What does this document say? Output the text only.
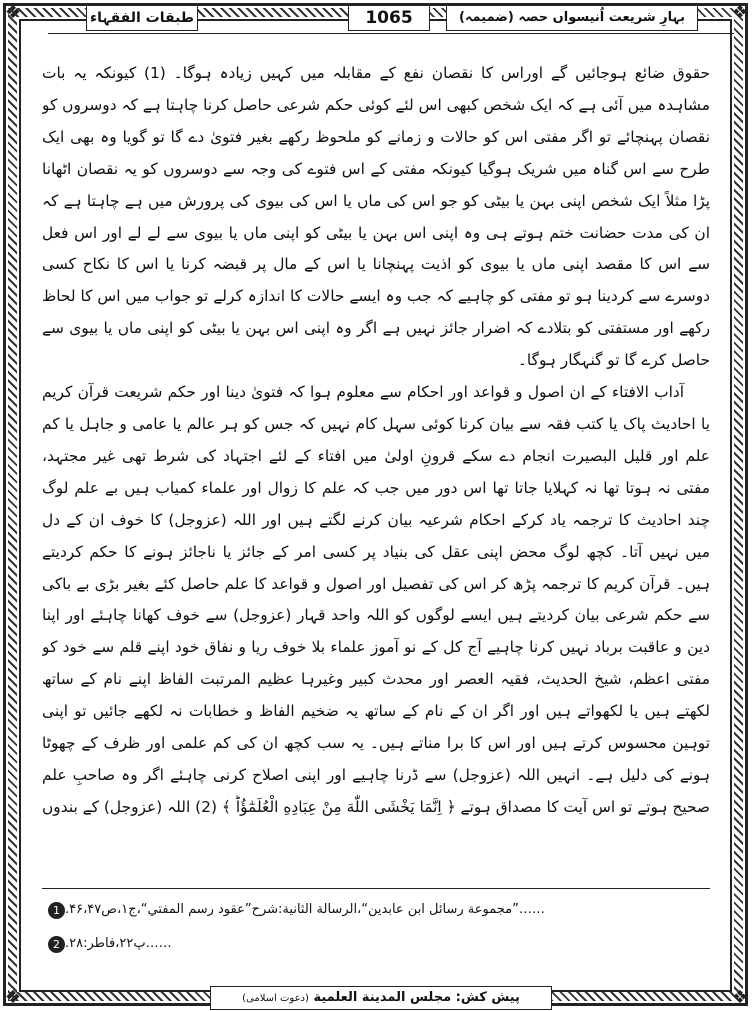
❖	❖
❖	❖
طبقات الفقہاء	1065	بہارِ شریعت اُنیسواں حصہ (ضمیمہ)

حقوق ضائع ہوجائیں گے اوراس کا نقصان نفع کے مقابلہ میں کہیں زیادہ ہوگا۔ (1) کیونکہ یہ بات مشاہدہ میں آئی ہے کہ ایک شخص کبھی اس لئے کوئی حکم شرعی حاصل کرنا چاہتا ہے کہ دوسروں کو نقصان پہنچائے تو اگر مفتی اس کو حالات و زمانے کو ملحوظ رکھے بغیر فتویٰ دے گا تو گویا وہ بھی ایک طرح سے اس گناہ میں شریک ہوگیا کیونکہ مفتی کے اس فتوے کی وجہ سے دوسروں کو یہ نقصان اٹھانا پڑا مثلاً ایک شخص اپنی بہن یا بیٹی کو جو اس کی ماں یا اس کی بیوی کی پرورش میں ہے چاہتا ہے کہ ان کی مدت حضانت ختم ہوتے ہی وہ اپنی اس بہن یا بیٹی کو اپنی ماں یا بیوی سے لے لے اور اس فعل سے اس کا مقصد اپنی ماں یا بیوی کو اذیت پہنچانا یا اس کے مال پر قبضہ کرنا یا اس کا نکاح کسی دوسرے سے کردینا ہو تو مفتی کو چاہیے کہ جب وہ ایسے حالات کا اندازہ کرلے تو جواب میں اس کا لحاظ رکھے اور مستفتی کو بتلادے کہ اضرار جائز نہیں ہے اگر وہ اپنی اس بہن یا بیٹی کو اپنی ماں یا بیوی سے حاصل کرے گا تو گنہگار ہوگا۔

آداب الافتاء کے ان اصول و قواعد اور احکام سے معلوم ہوا کہ فتویٰ دینا اور حکم شریعت قرآن کریم یا احادیث پاک یا کتب فقہ سے بیان کرنا کوئی سہل کام نہیں کہ جس کو ہر عالم یا عامی و جاہل یا کم علم اور قلیل البصیرت انجام دے سکے قرونِ اولیٰ میں افتاء کے لئے اجتہاد کی شرط تھی غیر مجتہد، مفتی نہ ہوتا تھا نہ کہلایا جاتا تھا اس دور میں جب کہ علم کا زوال اور علماء کمیاب ہیں بے علم لوگ چند احادیث کا ترجمہ یاد کرکے احکام شرعیہ بیان کرنے لگتے ہیں اور اللہ (عزوجل) کا خوف ان کے دل میں نہیں آتا۔ کچھ لوگ محض اپنی عقل کی بنیاد پر کسی امر کے جائز یا ناجائز ہونے کا حکم کردیتے ہیں۔ قرآن کریم کا ترجمہ پڑھ کر اس کی تفصیل اور اصول و قواعد کا علم حاصل کئے بغیر بڑی بے باکی سے حکم شرعی بیان کردیتے ہیں ایسے لوگوں کو اللہ واحد قہار (عزوجل) سے خوف کھانا چاہئے اور اپنا دین و عاقبت برباد نہیں کرنا چاہیے آج کل کے نو آموز علماء بلا خوف ریا و نفاق خود اپنے قلم سے خود کو مفتی اعظم، شیخ الحدیث، فقیہ العصر اور محدث کبیر وغیرہا عظیم المرتبت الفاظ اپنے نام کے ساتھ لکھتے ہیں یا لکھواتے ہیں اور اگر ان کے نام کے ساتھ یہ ضخیم الفاظ و خطابات نہ لکھے جائیں تو اپنی توہین محسوس کرتے ہیں اور اس کا برا مناتے ہیں۔ یہ سب کچھ ان کی کم علمی اور ظرف کے چھوٹا ہونے کی دلیل ہے۔ انہیں اللہ (عزوجل) سے ڈرنا چاہیے اور اپنی اصلاح کرنی چاہئے اگر وہ صاحبِ علم صحیح ہوتے تو اس آیت کا مصداق ہوتے ﴿ اِنَّمَا یَخْشَى اللّٰهَ مِنْ عِبَادِهِ الْعُلَمٰٓؤُاؕ ﴾ (2) اللہ (عزوجل) کے بندوں

……”مجموعة رسائل ابن عابدين“،الرسالة الثانية:شرح”عقود رسم المفتي“،ج۱،ص۴۶،۴۷.
1
……پ۲۲،فاطر:۲۸.
2
پیش کش: مجلس المدينة العلمية (دعوت اسلامی)
